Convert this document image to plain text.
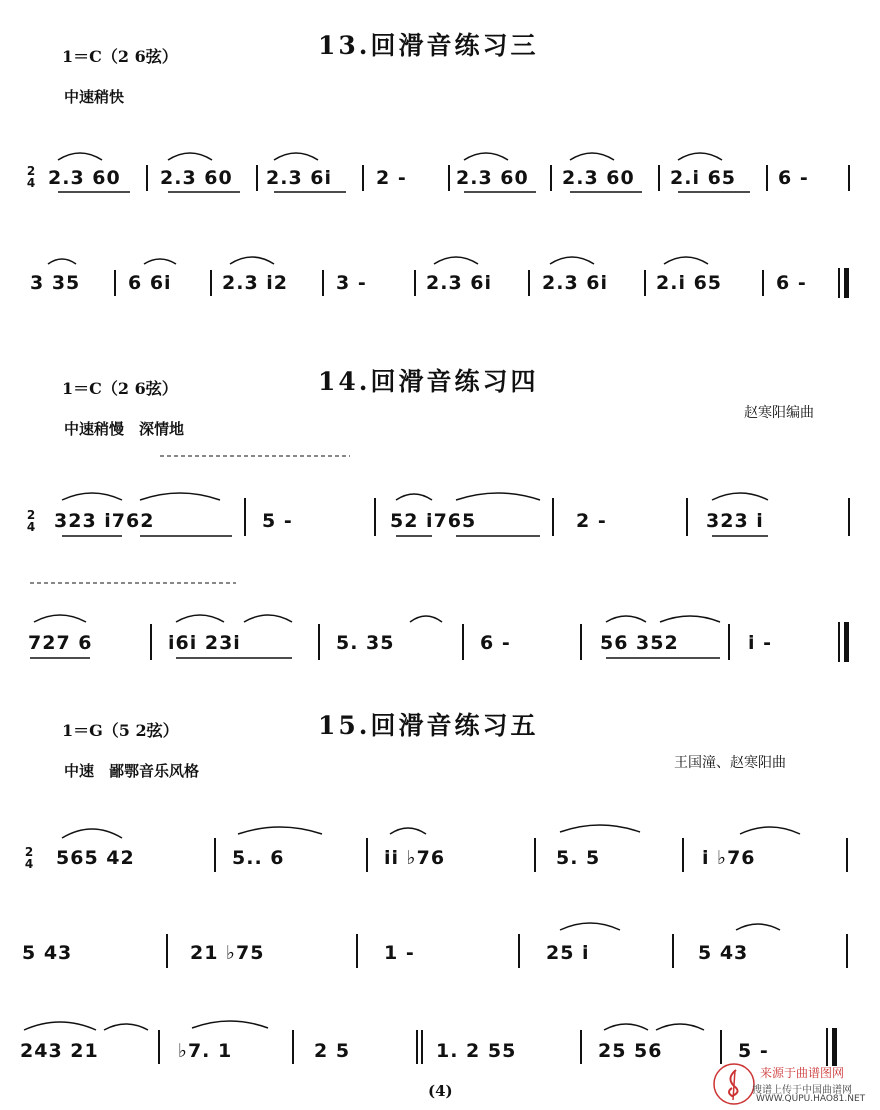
1＝C（2 6弦）	13.回滑音练习三
中速稍快
2
4 2.3 60 2.3 60 2.3 6i 2 -	2.3 60 2.3 60 2.i 65 6 -
3 35	6 6i	2.3 i2	3 -	2.3 6i	2.3 6i	2.i 65	6 -
1＝C（2 6弦）	14.回滑音练习四
中速稍慢　深情地
赵寒阳编曲
2
4 323 i762	5 -	52 i765	2 -	323 i
727 6	i6i 23i	5. 35	6 -	56 352	i -
1＝G（5 2弦）	15.回滑音练习五
中速　鄙鄂音乐风格	王国潼、赵寒阳曲
2
4 565 42	5.. 6	ii ♭76	5. 5	i ♭76
5 43	21 ♭75	1 -	25 i	5 43
243 21	♭7. 1	2 5	1. 2 55	25 56	5 -
(4)
来源于曲谱图网
搜谱上传于中国曲谱网
WWW.QUPU.HAO81.NET
